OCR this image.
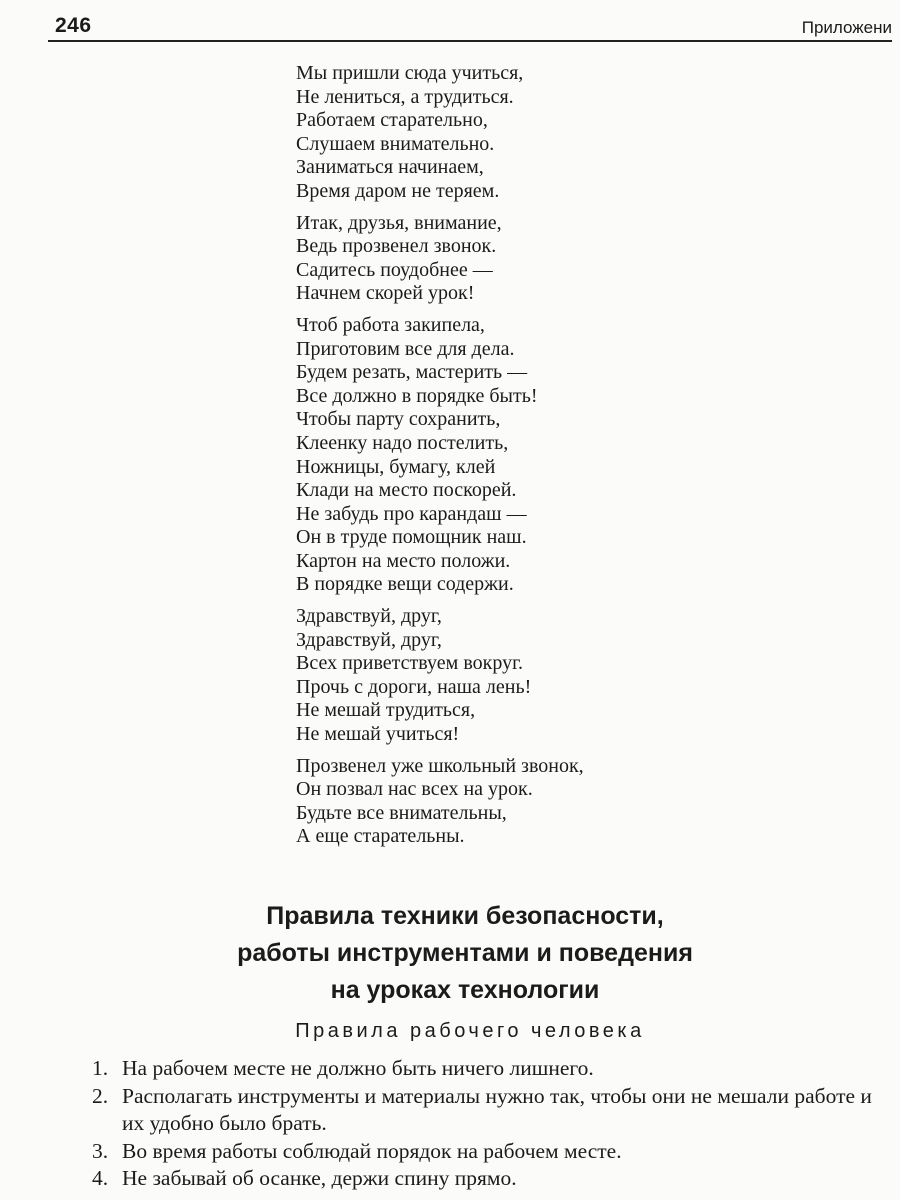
246	Приложени
Мы пришли сюда учиться,
Не лениться, а трудиться.
Работаем старательно,
Слушаем внимательно.
Заниматься начинаем,
Время даром не теряем.
Итак, друзья, внимание,
Ведь прозвенел звонок.
Садитесь поудобнее —
Начнем скорей урок!
Чтоб работа закипела,
Приготовим все для дела.
Будем резать, мастерить —
Все должно в порядке быть!
Чтобы парту сохранить,
Клеенку надо постелить,
Ножницы, бумагу, клей
Клади на место поскорей.
Не забудь про карандаш —
Он в труде помощник наш.
Картон на место положи.
В порядке вещи содержи.
Здравствуй, друг,
Здравствуй, друг,
Всех приветствуем вокруг.
Прочь с дороги, наша лень!
Не мешай трудиться,
Не мешай учиться!
Прозвенел уже школьный звонок,
Он позвал нас всех на урок.
Будьте все внимательны,
А еще старательны.
Правила техники безопасности,
работы инструментами и поведения
на уроках технологии
Правила рабочего человека
1. На рабочем месте не должно быть ничего лишнего.
2. Располагать инструменты и материалы нужно так, чтобы они не мешали работе и их удобно было брать.
3. Во время работы соблюдай порядок на рабочем месте.
4. Не забывай об осанке, держи спину прямо.
